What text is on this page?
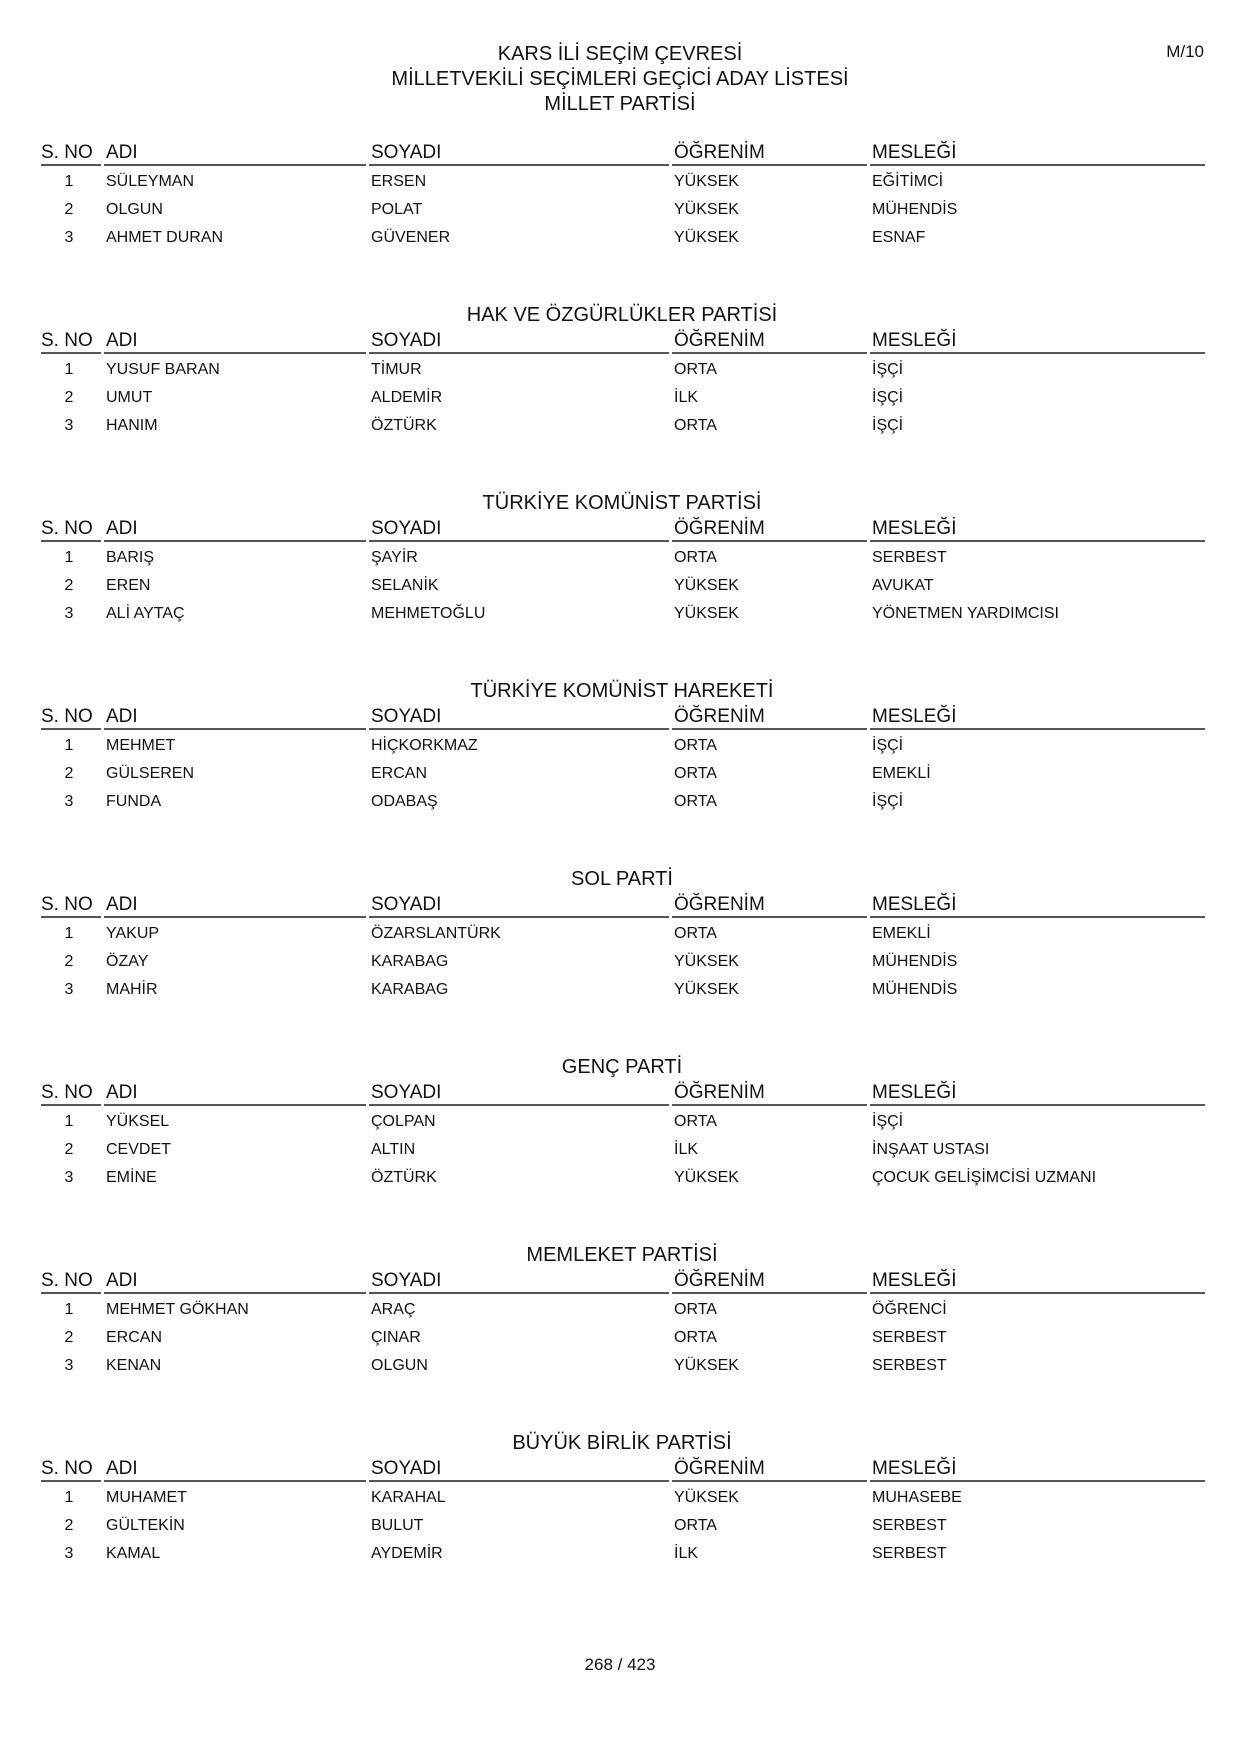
M/10
KARS İLİ SEÇİM ÇEVRESİ
MİLLETVEKİLİ SEÇİMLERİ GEÇİCİ ADAY LİSTESİ
MİLLET PARTİSİ
S. NO ADI	SOYADI	ÖĞRENİM	MESLEĞİ
1	SÜLEYMAN	ERSEN	YÜKSEK	EĞİTİMCİ
2	OLGUN	POLAT	YÜKSEK	MÜHENDİS
3	AHMET DURAN	GÜVENER	YÜKSEK	ESNAF
HAK VE ÖZGÜRLÜKLER PARTİSİ
S. NO ADI	SOYADI	ÖĞRENİM	MESLEĞİ
1	YUSUF BARAN	TİMUR	ORTA	İŞÇİ
2	UMUT	ALDEMİR	İLK	İŞÇİ
3	HANIM	ÖZTÜRK	ORTA	İŞÇİ
TÜRKİYE KOMÜNİST PARTİSİ
S. NO ADI	SOYADI	ÖĞRENİM	MESLEĞİ
1	BARIŞ	ŞAYİR	ORTA	SERBEST
2	EREN	SELANİK	YÜKSEK	AVUKAT
3	ALİ AYTAÇ	MEHMETOĞLU	YÜKSEK	YÖNETMEN YARDIMCISI
TÜRKİYE KOMÜNİST HAREKETİ
S. NO ADI	SOYADI	ÖĞRENİM	MESLEĞİ
1	MEHMET	HİÇKORKMAZ	ORTA	İŞÇİ
2	GÜLSEREN	ERCAN	ORTA	EMEKLİ
3	FUNDA	ODABAŞ	ORTA	İŞÇİ
SOL PARTİ
S. NO ADI	SOYADI	ÖĞRENİM	MESLEĞİ
1	YAKUP	ÖZARSLANTÜRK	ORTA	EMEKLİ
2	ÖZAY	KARABAG	YÜKSEK	MÜHENDİS
3	MAHİR	KARABAG	YÜKSEK	MÜHENDİS
GENÇ PARTİ
S. NO ADI	SOYADI	ÖĞRENİM	MESLEĞİ
1	YÜKSEL	ÇOLPAN	ORTA	İŞÇİ
2	CEVDET	ALTIN	İLK	İNŞAAT USTASI
3	EMİNE	ÖZTÜRK	YÜKSEK	ÇOCUK GELİŞİMCİSİ UZMANI
MEMLEKET PARTİSİ
S. NO ADI	SOYADI	ÖĞRENİM	MESLEĞİ
1	MEHMET GÖKHAN	ARAÇ	ORTA	ÖĞRENCİ
2	ERCAN	ÇINAR	ORTA	SERBEST
3	KENAN	OLGUN	YÜKSEK	SERBEST
BÜYÜK BİRLİK PARTİSİ
S. NO ADI	SOYADI	ÖĞRENİM	MESLEĞİ
1	MUHAMET	KARAHAL	YÜKSEK	MUHASEBE
2	GÜLTEKİN	BULUT	ORTA	SERBEST
3	KAMAL	AYDEMİR	İLK	SERBEST
268 / 423
